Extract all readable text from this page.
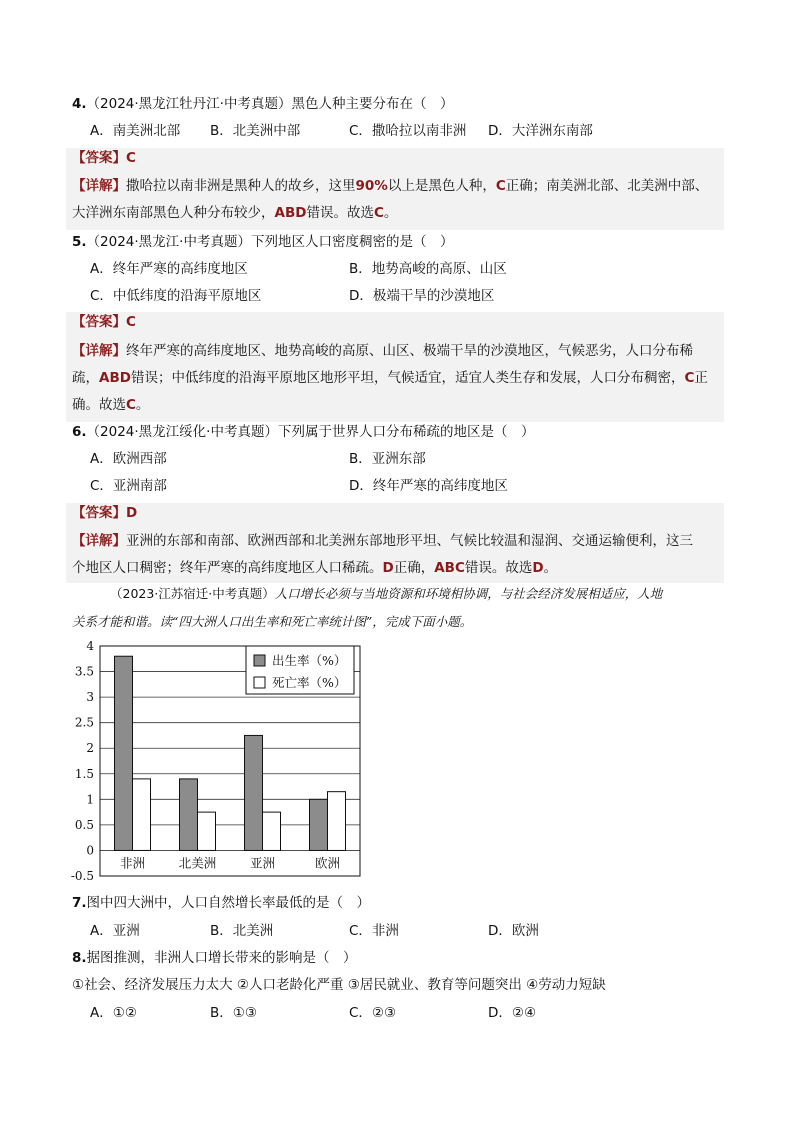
4.（2024·黑龙江牡丹江·中考真题）黑色人种主要分布在（　）
A．南美洲北部 B．北美洲中部	C．撒哈拉以南非洲 D．大洋洲东南部
【答案】C
【详解】撒哈拉以南非洲是黑种人的故乡，这里90%以上是黑色人种，C正确；南美洲北部、北美洲中部、
大洋洲东南部黑色人种分布较少，ABD错误。故选C。
5.（2024·黑龙江·中考真题）下列地区人口密度稠密的是（　）
A．终年严寒的高纬度地区	B．地势高峻的高原、山区
C．中低纬度的沿海平原地区	D．极端干旱的沙漠地区
【答案】C
【详解】终年严寒的高纬度地区、地势高峻的高原、山区、极端干旱的沙漠地区，气候恶劣，人口分布稀
疏，ABD错误；中低纬度的沿海平原地区地形平坦，气候适宜，适宜人类生存和发展，人口分布稠密，C正
确。故选C。
6.（2024·黑龙江绥化·中考真题）下列属于世界人口分布稀疏的地区是（　）
A．欧洲西部	B．亚洲东部
C．亚洲南部	D．终年严寒的高纬度地区
【答案】D
【详解】亚洲的东部和南部、欧洲西部和北美洲东部地形平坦、气候比较温和湿润、交通运输便利，这三
个地区人口稠密；终年严寒的高纬度地区人口稀疏。D正确，ABC错误。故选D。
（2023·江苏宿迁·中考真题）人口增长必须与当地资源和环境相协调，与社会经济发展相适应，人地
关系才能和谐。读“四大洲人口出生率和死亡率统计图”，完成下面小题。
4
3.5
3
2.5
2
1.5
1
0.5
0
-0.5
非洲	北美洲	亚洲	欧洲
出生率（%）
死亡率（%）
7.图中四大洲中，人口自然增长率最低的是（　）
A．亚洲	B．北美洲	C．非洲	D．欧洲
8.据图推测，非洲人口增长带来的影响是（　）
①社会、经济发展压力太大 ②人口老龄化严重 ③居民就业、教育等问题突出 ④劳动力短缺
A．①②	B．①③	C．②③	D．②④
